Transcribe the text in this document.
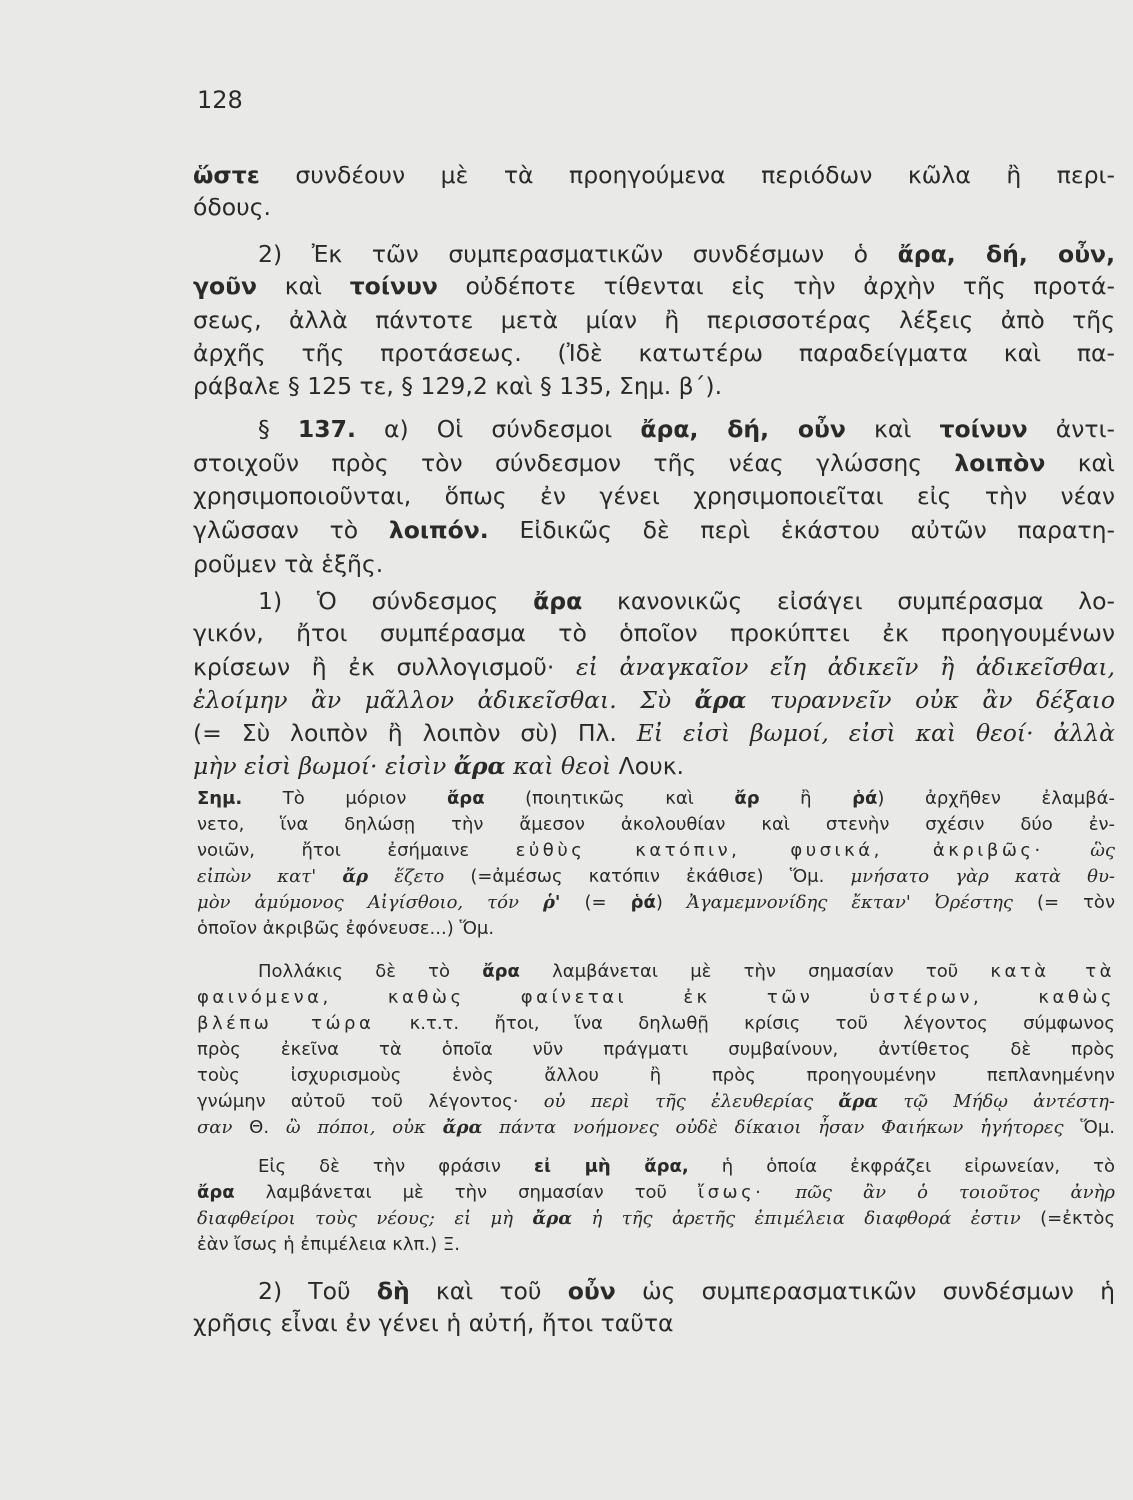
128
ὥστε συνδέουν μὲ τὰ προηγούμενα περιόδων κῶλα ἢ περι-
όδους.
2) Ἐκ τῶν συμπερασματικῶν συνδέσμων ὁ ἄρα, δή, οὖν,
γοῦν καὶ τοίνυν οὐδέποτε τίθενται εἰς τὴν ἀρχὴν τῆς προτά-
σεως, ἀλλὰ πάντοτε μετὰ μίαν ἢ περισσοτέρας λέξεις ἀπὸ τῆς
ἀρχῆς τῆς προτάσεως. (Ἰδὲ κατωτέρω παραδείγματα καὶ πα-
ράβαλε § 125 τε, § 129,2 καὶ § 135, Σημ. β΄).
§ 137. α) Οἱ σύνδεσμοι ἄρα, δή, οὖν καὶ τοίνυν ἀντι-
στοιχοῦν πρὸς τὸν σύνδεσμον τῆς νέας γλώσσης λοιπὸν καὶ
χρησιμοποιοῦνται, ὅπως ἐν γένει χρησιμοποιεῖται εἰς τὴν νέαν
γλῶσσαν τὸ λοιπόν. Εἰδικῶς δὲ περὶ ἑκάστου αὐτῶν παρατη-
ροῦμεν τὰ ἑξῆς.
1) Ὁ σύνδεσμος ἄρα κανονικῶς εἰσάγει συμπέρασμα λο-
γικόν, ἤτοι συμπέρασμα τὸ ὁποῖον προκύπτει ἐκ προηγουμένων
κρίσεων ἢ ἐκ συλλογισμοῦ· εἰ ἀναγκαῖον εἴη ἀδικεῖν ἢ ἀδικεῖσθαι,
ἑλοίμην ἂν μᾶλλον ἀδικεῖσθαι. Σὺ ἄρα τυραννεῖν οὐκ ἂν δέξαιο
(= Σὺ λοιπὸν ἢ λοιπὸν σὺ) Πλ. Εἰ εἰσὶ βωμοί, εἰσὶ καὶ θεοί· ἀλλὰ
μὴν εἰσὶ βωμοί· εἰσὶν ἄρα καὶ θεοὶ Λουκ.
Σημ. Τὸ μόριον ἄρα (ποιητικῶς καὶ ἄρ ἢ ῥά) ἀρχῆθεν ἐλαμβά-
νετο, ἵνα δηλώσῃ τὴν ἄμεσον ἀκολουθίαν καὶ στενὴν σχέσιν δύο ἐν-
νοιῶν, ἤτοι ἐσήμαινε εὐθὺς κατόπιν, φυσικά, ἀκριβῶς·	ὣς
εἰπὼν κατ' ἄρ ἕζετο (=ἀμέσως κατόπιν ἐκάθισε) Ὅμ. μνήσατο γὰρ κατὰ θυ-
μὸν ἀμύμονος Αἰγίσθοιο, τόν ῥ' (= ῥά) Ἀγαμεμνονίδης ἔκταν' Ὀρέστης (= τὸν
ὁποῖον ἀκριβῶς ἐφόνευσε...) Ὅμ.
Πολλάκις δὲ τὸ ἄρα λαμβάνεται μὲ τὴν σημασίαν τοῦ κατὰ τὰ
φαινόμενα, καθὼς φαίνεται ἐκ τῶν ὑστέρων, καθὼς
βλέπω τώρα κ.τ.τ. ἤτοι, ἵνα δηλωθῇ κρίσις τοῦ λέγοντος σύμφωνος
πρὸς ἐκεῖνα τὰ ὁποῖα νῦν πράγματι συμβαίνουν, ἀντίθετος δὲ πρὸς
τοὺς ἰσχυρισμοὺς ἑνὸς ἄλλου ἢ πρὸς προηγουμένην πεπλανημένην
γνώμην αὐτοῦ τοῦ λέγοντος· οὐ περὶ τῆς ἐλευθερίας ἄρα τῷ Μήδῳ ἀντέστη-
σαν Θ. ὢ πόποι, οὐκ ἄρα πάντα νοήμονες οὐδὲ δίκαιοι ἦσαν Φαιήκων ἡγήτορες Ὅμ.
Εἰς δὲ τὴν φράσιν εἰ μὴ ἄρα, ἡ ὁποία ἐκφράζει εἰρωνείαν, τὸ
ἄρα λαμβάνεται μὲ τὴν σημασίαν τοῦ ἴσως· πῶς ἂν ὁ τοιοῦτος ἀνὴρ
διαφθείροι τοὺς νέους; εἰ μὴ ἄρα ἡ τῆς ἀρετῆς ἐπιμέλεια διαφθορά ἐστιν (=ἐκτὸς
ἐὰν ἴσως ἡ ἐπιμέλεια κλπ.) Ξ.
2) Τοῦ δὴ καὶ τοῦ οὖν ὡς συμπερασματικῶν συνδέσμων ἡ
χρῆσις εἶναι ἐν γένει ἡ αὐτή, ἤτοι ταῦτα
